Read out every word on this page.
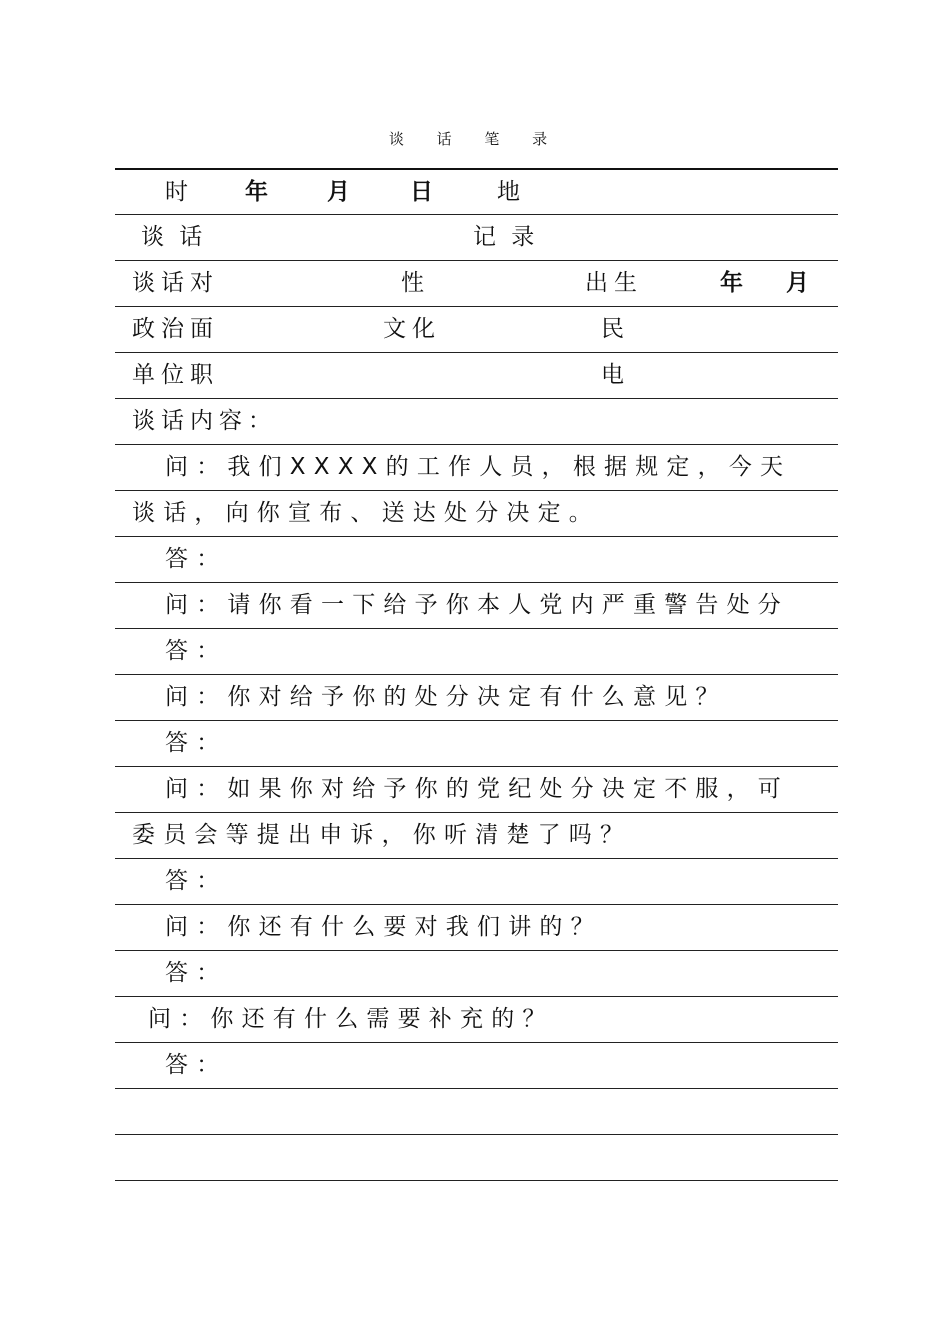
谈 话 笔 录
时 年	月	日	地
谈 话	记 录
谈话对	性	出生	年 月
政治面	文化	民
单位职	电
谈话内容：
问：我们XXXX的工作人员，根据规定，今天
谈话，向你宣布、送达处分决定。
答：
问：请你看一下给予你本人党内严重警告处分
答：
问：你对给予你的处分决定有什么意见？
答：
问：如果你对给予你的党纪处分决定不服，可
委员会等提出申诉，你听清楚了吗？
答：
问：你还有什么要对我们讲的？
答：
问：你还有什么需要补充的？
答：
